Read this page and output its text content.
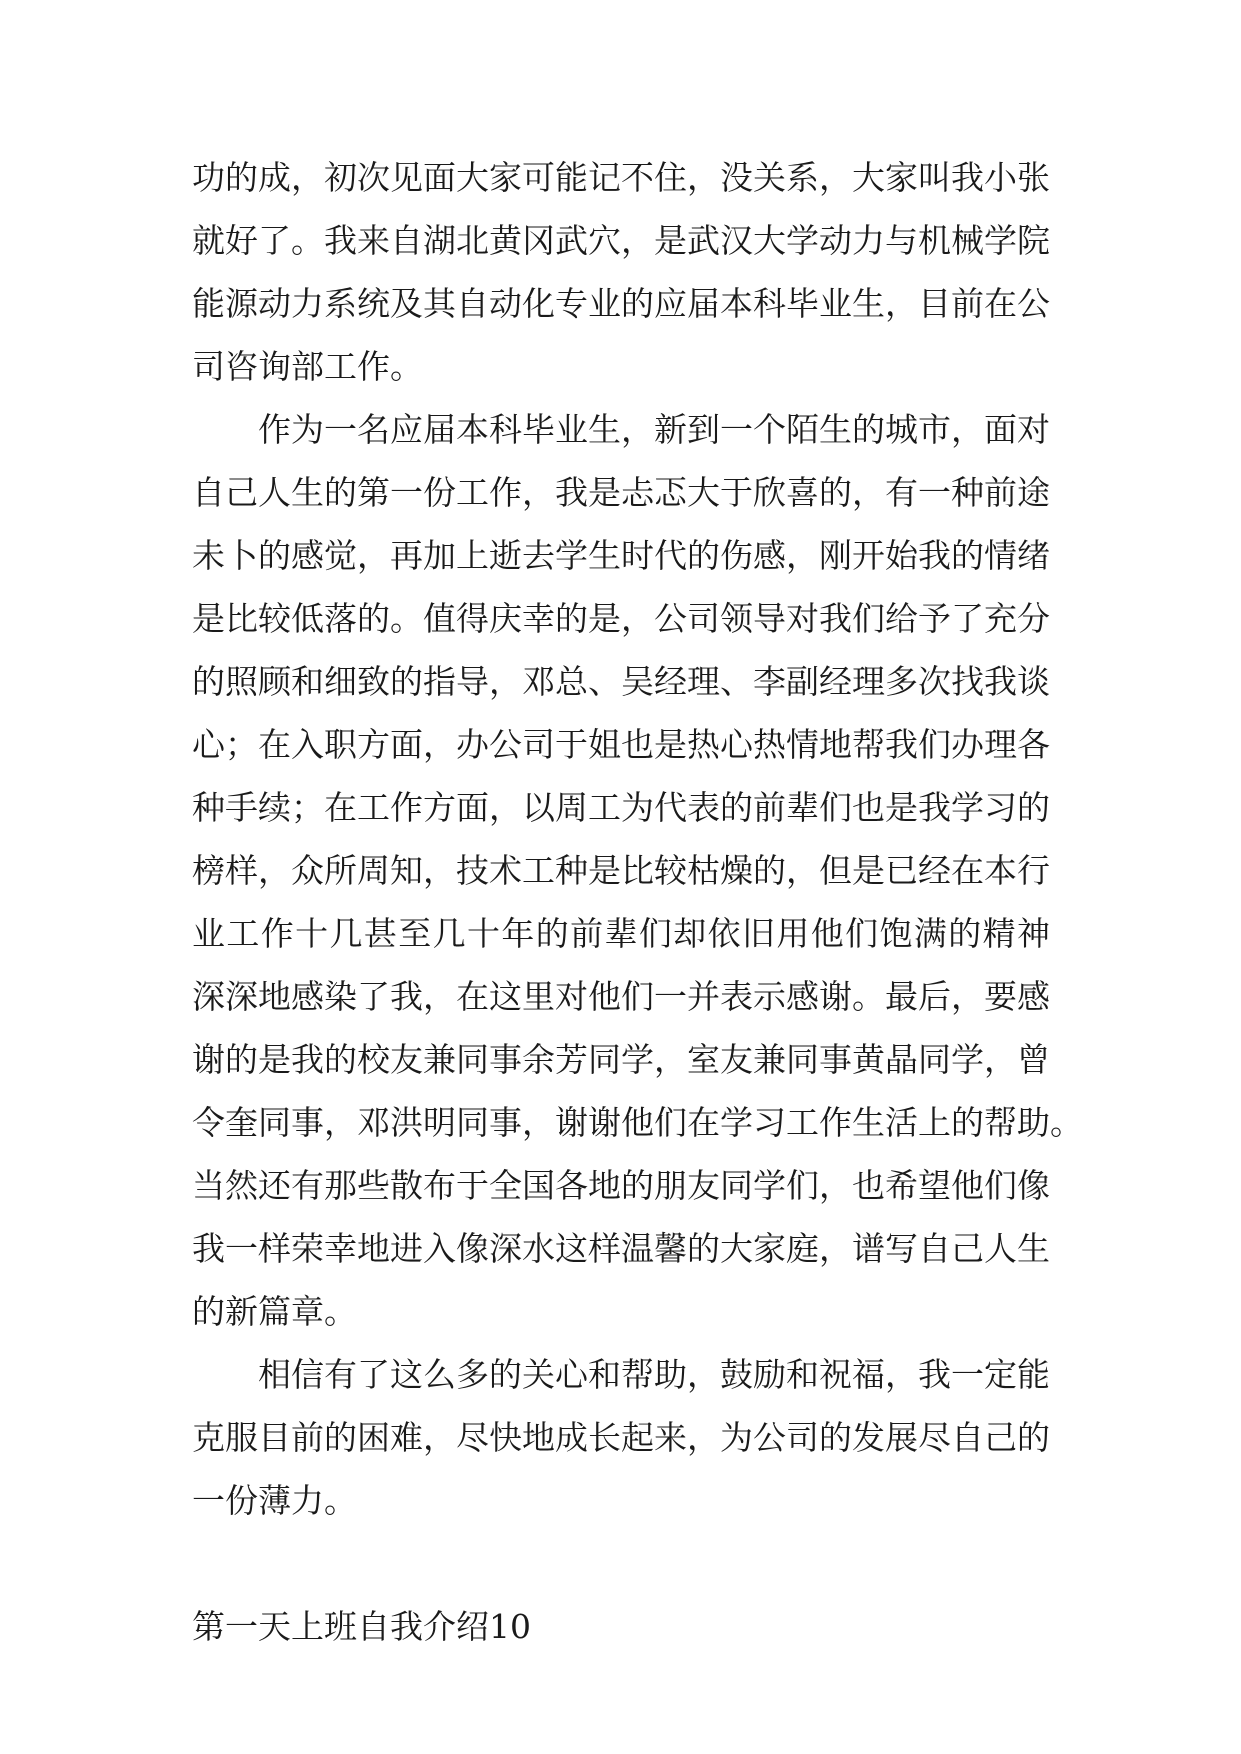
功的成，初次见面大家可能记不住，没关系，大家叫我小张
就好了。我来自湖北黄冈武穴，是武汉大学动力与机械学院
能源动力系统及其自动化专业的应届本科毕业生，目前在公
司咨询部工作。
作为一名应届本科毕业生，新到一个陌生的城市，面对
自己人生的第一份工作，我是忐忑大于欣喜的，有一种前途
未卜的感觉，再加上逝去学生时代的伤感，刚开始我的情绪
是比较低落的。值得庆幸的是，公司领导对我们给予了充分
的照顾和细致的指导，邓总、吴经理、李副经理多次找我谈
心；在入职方面，办公司于姐也是热心热情地帮我们办理各
种手续；在工作方面，以周工为代表的前辈们也是我学习的
榜样，众所周知，技术工种是比较枯燥的，但是已经在本行
业工作十几甚至几十年的前辈们却依旧用他们饱满的精神
深深地感染了我，在这里对他们一并表示感谢。最后，要感
谢的是我的校友兼同事余芳同学，室友兼同事黄晶同学，曾
令奎同事，邓洪明同事，谢谢他们在学习工作生活上的帮助。
当然还有那些散布于全国各地的朋友同学们，也希望他们像
我一样荣幸地进入像深水这样温馨的大家庭，谱写自己人生
的新篇章。
相信有了这么多的关心和帮助，鼓励和祝福，我一定能
克服目前的困难，尽快地成长起来，为公司的发展尽自己的
一份薄力。
第一天上班自我介绍10
